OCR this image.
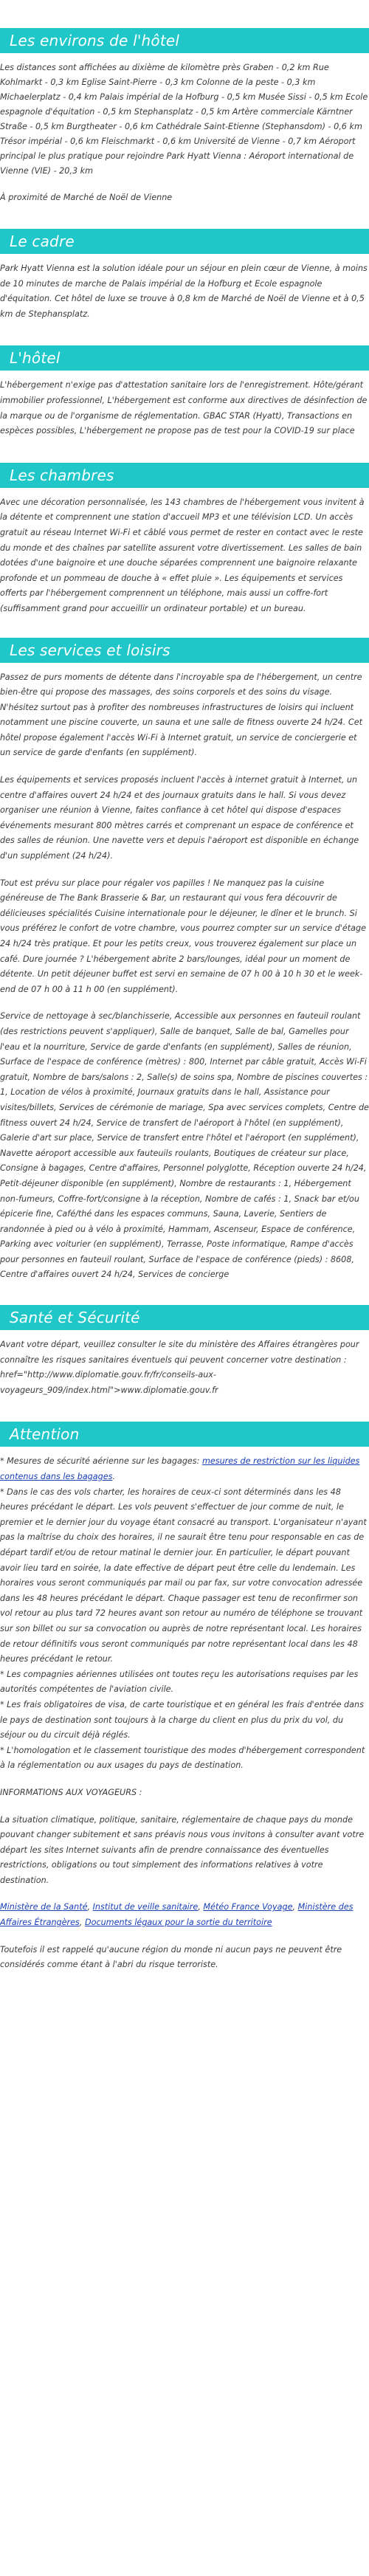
Les environs de l'hôtel

Les distances sont affichées au dixième de kilomètre près Graben - 0,2 km Rue Kohlmarkt - 0,3 km Eglise Saint-Pierre - 0,3 km Colonne de la peste - 0,3 km Michaelerplatz - 0,4 km Palais impérial de la Hofburg - 0,5 km Musée Sissi - 0,5 km Ecole espagnole d'équitation - 0,5 km Stephansplatz - 0,5 km Artère commerciale Kärntner Straße - 0,5 km Burgtheater - 0,6 km Cathédrale Saint-Etienne (Stephansdom) - 0,6 km Trésor impérial - 0,6 km Fleischmarkt - 0,6 km Université de Vienne - 0,7 km Aéroport principal le plus pratique pour rejoindre Park Hyatt Vienna : Aéroport international de Vienne (VIE) - 20,3 km

À proximité de Marché de Noël de Vienne

Le cadre

Park Hyatt Vienna est la solution idéale pour un séjour en plein cœur de Vienne, à moins de 10 minutes de marche de Palais impérial de la Hofburg et Ecole espagnole d'équitation. Cet hôtel de luxe se trouve à 0,8 km de Marché de Noël de Vienne et à 0,5 km de Stephansplatz.

L'hôtel

L'hébergement n'exige pas d'attestation sanitaire lors de l'enregistrement. Hôte/gérant immobilier professionnel, L'hébergement est conforme aux directives de désinfection de la marque ou de l'organisme de réglementation. GBAC STAR (Hyatt), Transactions en espèces possibles, L'hébergement ne propose pas de test pour la COVID-19 sur place

Les chambres

Avec une décoration personnalisée, les 143 chambres de l'hébergement vous invitent à la détente et comprennent une station d'accueil MP3 et une télévision LCD. Un accès gratuit au réseau Internet Wi-Fi et câblé vous permet de rester en contact avec le reste du monde et des chaînes par satellite assurent votre divertissement. Les salles de bain dotées d'une baignoire et une douche séparées comprennent une baignoire relaxante profonde et un pommeau de douche à « effet pluie ». Les équipements et services offerts par l'hébergement comprennent un téléphone, mais aussi un coffre-fort (suffisamment grand pour accueillir un ordinateur portable) et un bureau.

Les services et loisirs

Passez de purs moments de détente dans l'incroyable spa de l'hébergement, un centre bien-être qui propose des massages, des soins corporels et des soins du visage. N'hésitez surtout pas à profiter des nombreuses infrastructures de loisirs qui incluent notamment une piscine couverte, un sauna et une salle de fitness ouverte 24 h/24. Cet hôtel propose également l'accès Wi-Fi à Internet gratuit, un service de conciergerie et un service de garde d'enfants (en supplément).

Les équipements et services proposés incluent l'accès à internet gratuit à Internet, un centre d'affaires ouvert 24 h/24 et des journaux gratuits dans le hall. Si vous devez organiser une réunion à Vienne, faites confiance à cet hôtel qui dispose d'espaces événements mesurant 800 mètres carrés et comprenant un espace de conférence et des salles de réunion. Une navette vers et depuis l'aéroport est disponible en échange d'un supplément (24 h/24).

Tout est prévu sur place pour régaler vos papilles ! Ne manquez pas la cuisine généreuse de The Bank Brasserie & Bar, un restaurant qui vous fera découvrir de délicieuses spécialités Cuisine internationale pour le déjeuner, le dîner et le brunch. Si vous préférez le confort de votre chambre, vous pourrez compter sur un service d'étage 24 h/24 très pratique. Et pour les petits creux, vous trouverez également sur place un café. Dure journée ? L'hébergement abrite 2 bars/lounges, idéal pour un moment de détente. Un petit déjeuner buffet est servi en semaine de 07 h 00 à 10 h 30 et le week-end de 07 h 00 à 11 h 00 (en supplément).

Service de nettoyage à sec/blanchisserie, Accessible aux personnes en fauteuil roulant (des restrictions peuvent s'appliquer), Salle de banquet, Salle de bal, Gamelles pour l'eau et la nourriture, Service de garde d'enfants (en supplément), Salles de réunion, Surface de l'espace de conférence (mètres) : 800, Internet par câble gratuit, Accès Wi-Fi gratuit, Nombre de bars/salons : 2, Salle(s) de soins spa, Nombre de piscines couvertes : 1, Location de vélos à proximité, Journaux gratuits dans le hall, Assistance pour visites/billets, Services de cérémonie de mariage, Spa avec services complets, Centre de fitness ouvert 24 h/24, Service de transfert de l'aéroport à l'hôtel (en supplément), Galerie d'art sur place, Service de transfert entre l'hôtel et l'aéroport (en supplément), Navette aéroport accessible aux fauteuils roulants, Boutiques de créateur sur place, Consigne à bagages, Centre d'affaires, Personnel polyglotte, Réception ouverte 24 h/24, Petit-déjeuner disponible (en supplément), Nombre de restaurants : 1, Hébergement non-fumeurs, Coffre-fort/consigne à la réception, Nombre de cafés : 1, Snack bar et/ou épicerie fine, Café/thé dans les espaces communs, Sauna, Laverie, Sentiers de randonnée à pied ou à vélo à proximité, Hammam, Ascenseur, Espace de conférence, Parking avec voiturier (en supplément), Terrasse, Poste informatique, Rampe d'accès pour personnes en fauteuil roulant, Surface de l'espace de conférence (pieds) : 8608, Centre d'affaires ouvert 24 h/24, Services de concierge

Santé et Sécurité

Avant votre départ, veuillez consulter le site du ministère des Affaires étrangères pour connaître les risques sanitaires éventuels qui peuvent concerner votre destination : href="http://www.diplomatie.gouv.fr/fr/conseils-aux-voyageurs_909/index.html">www.diplomatie.gouv.fr

Attention

* Mesures de sécurité aérienne sur les bagages: mesures de restriction sur les liquides contenus dans les bagages.

* Dans le cas des vols charter, les horaires de ceux-ci sont déterminés dans les 48 heures précédant le départ. Les vols peuvent s'effectuer de jour comme de nuit, le premier et le dernier jour du voyage étant consacré au transport. L'organisateur n'ayant pas la maîtrise du choix des horaires, il ne saurait être tenu pour responsable en cas de départ tardif et/ou de retour matinal le dernier jour. En particulier, le départ pouvant avoir lieu tard en soirée, la date effective de départ peut être celle du lendemain. Les horaires vous seront communiqués par mail ou par fax, sur votre convocation adressée dans les 48 heures précédant le départ. Chaque passager est tenu de reconfirmer son vol retour au plus tard 72 heures avant son retour au numéro de téléphone se trouvant sur son billet ou sur sa convocation ou auprès de notre représentant local. Les horaires de retour définitifs vous seront communiqués par notre représentant local dans les 48 heures précédant le retour.

* Les compagnies aériennes utilisées ont toutes reçu les autorisations requises par les autorités compétentes de l'aviation civile.

* Les frais obligatoires de visa, de carte touristique et en général les frais d'entrée dans le pays de destination sont toujours à la charge du client en plus du prix du vol, du séjour ou du circuit déjà réglés.

* L'homologation et le classement touristique des modes d'hébergement correspondent à la réglementation ou aux usages du pays de destination.

INFORMATIONS AUX VOYAGEURS :

La situation climatique, politique, sanitaire, réglementaire de chaque pays du monde pouvant changer subitement et sans préavis nous vous invitons à consulter avant votre départ les sites Internet suivants afin de prendre connaissance des éventuelles restrictions, obligations ou tout simplement des informations relatives à votre destination.

Ministère de la Santé, Institut de veille sanitaire, Météo France Voyage, Ministère des Affaires Étrangères, Documents légaux pour la sortie du territoire

Toutefois il est rappelé qu'aucune région du monde ni aucun pays ne peuvent être considérés comme étant à l'abri du risque terroriste.
